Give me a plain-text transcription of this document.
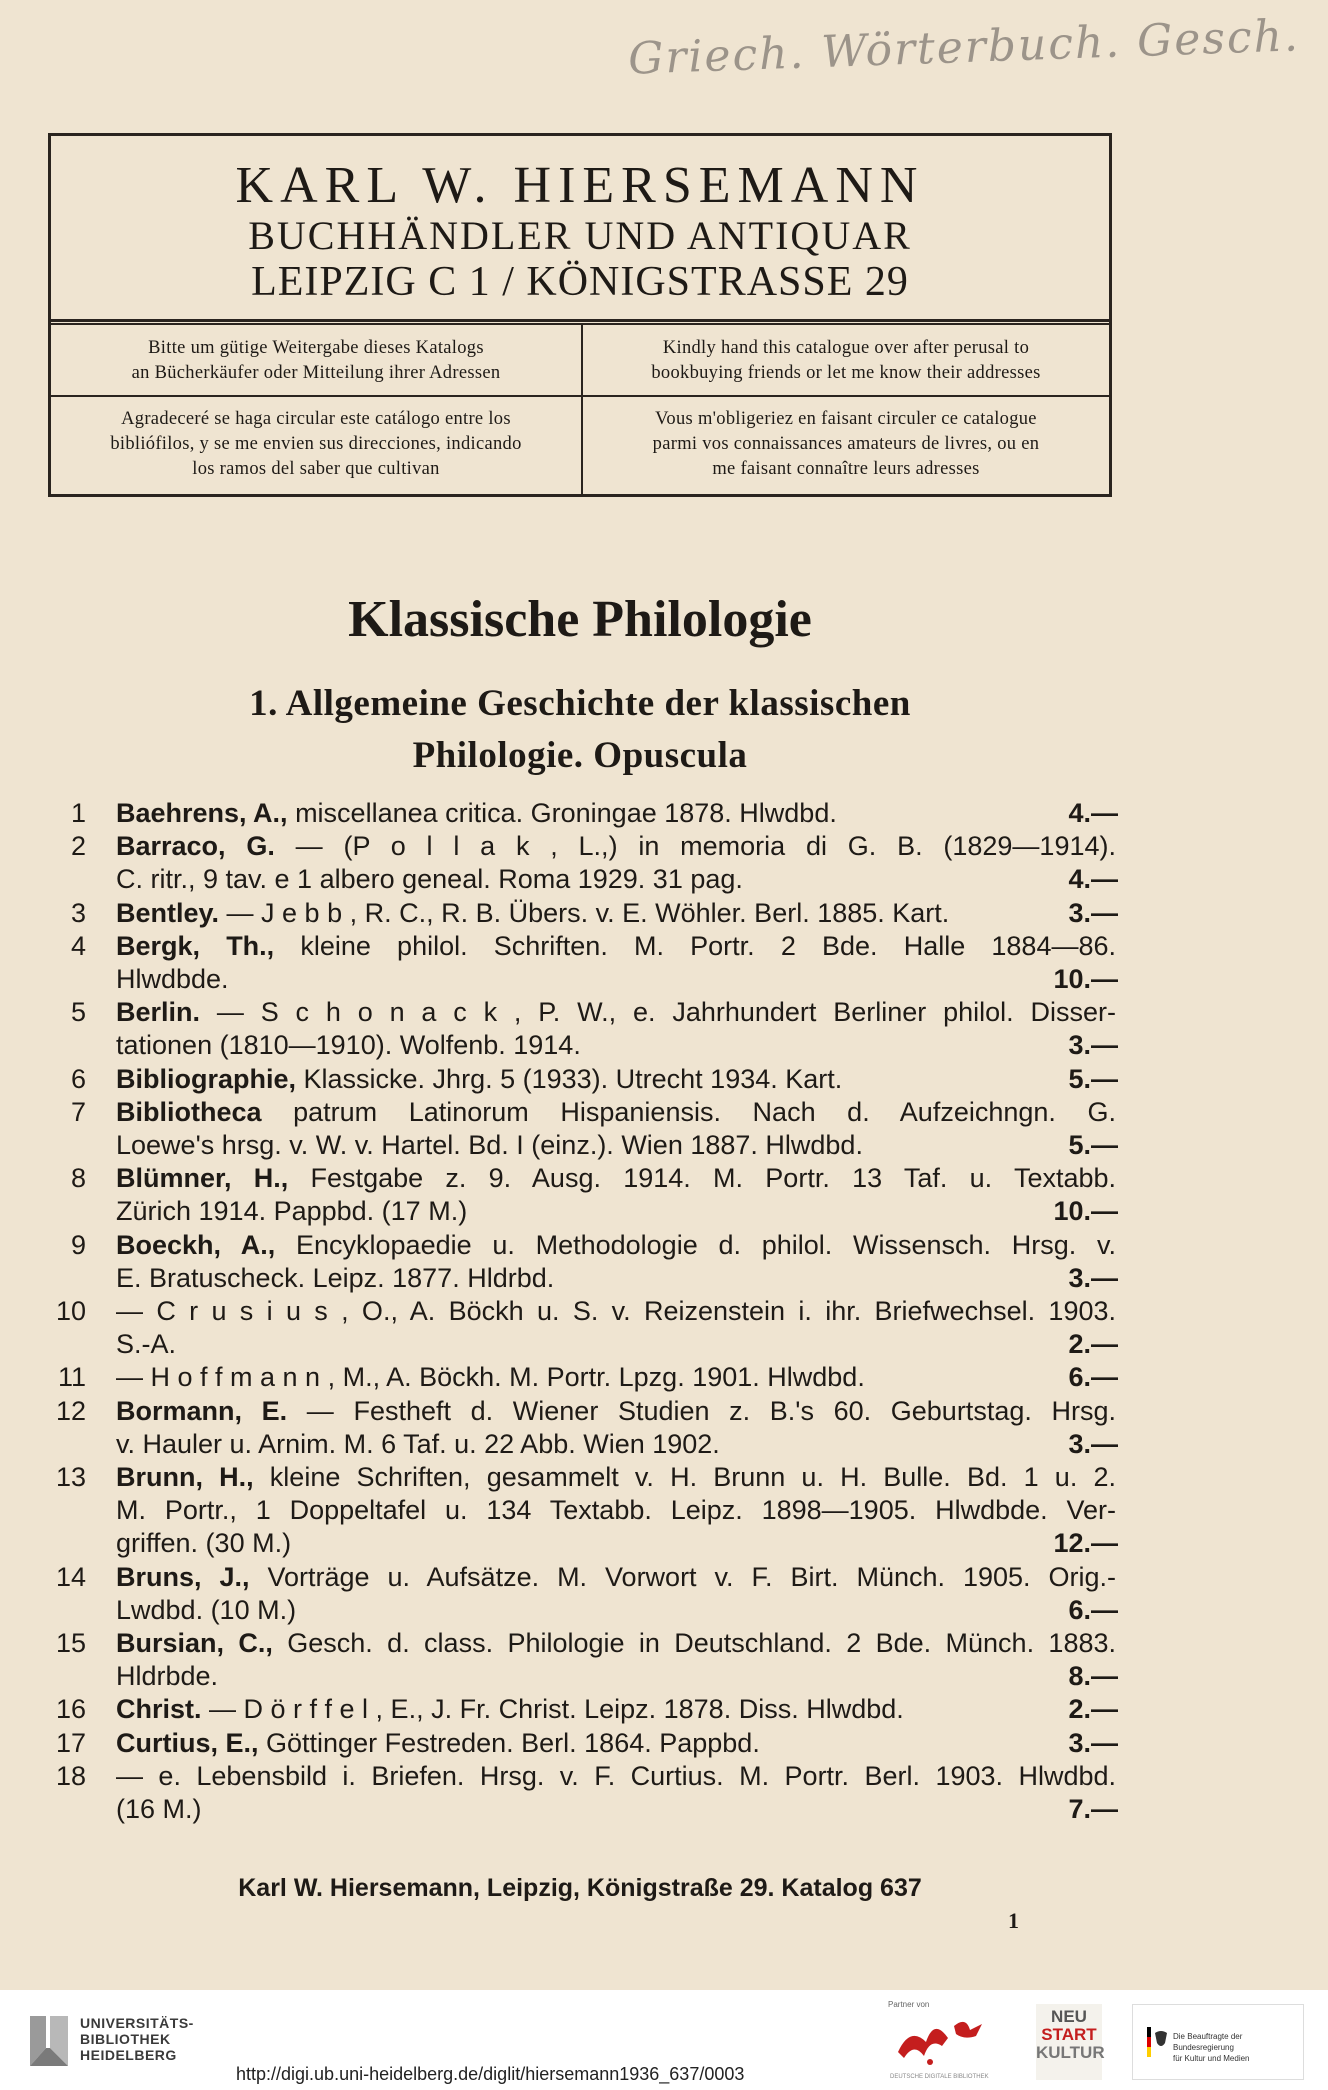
Griech. Wörterbuch. Gesch.
KARL W. HIERSEMANN
BUCHHÄNDLER UND ANTIQUAR
LEIPZIG C 1 / KÖNIGSTRASSE 29
Bitte um gütige Weitergabe dieses Katalogs
an Bücherkäufer oder Mitteilung ihrer Adressen
Kindly hand this catalogue over after perusal to
bookbuying friends or let me know their addresses
Agradeceré se haga circular este catálogo entre los
bibliófilos, y se me envien sus direcciones, indicando
los ramos del saber que cultivan
Vous m'obligeriez en faisant circuler ce catalogue
parmi vos connaissances amateurs de livres, ou en
me faisant connaître leurs adresses
Klassische Philologie
1. Allgemeine Geschichte der klassischen
Philologie. Opuscula
1 Baehrens, A., miscellanea critica. Groningae 1878. Hlwdbd.	4.—
2 Barraco, G. — (P o l l a k , L.,) in memoria di G. B. (1829—1914).
C. ritr., 9 tav. e 1 albero geneal. Roma 1929. 31 pag.	4.—
3 Bentley. — J e b b , R. C., R. B. Übers. v. E. Wöhler. Berl. 1885. Kart.	3.—
4 Bergk, Th., kleine philol. Schriften. M. Portr. 2 Bde. Halle 1884—86.
Hlwdbde.	10.—
5 Berlin. — S c h o n a c k , P. W., e. Jahrhundert Berliner philol. Disser-
tationen (1810—1910). Wolfenb. 1914.	3.—
6 Bibliographie, Klassicke. Jhrg. 5 (1933). Utrecht 1934. Kart.	5.—
7 Bibliotheca patrum Latinorum Hispaniensis. Nach d. Aufzeichngn. G.
Loewe's hrsg. v. W. v. Hartel. Bd. I (einz.). Wien 1887. Hlwdbd.	5.—
8 Blümner, H., Festgabe z. 9. Ausg. 1914. M. Portr. 13 Taf. u. Textabb.
Zürich 1914. Pappbd. (17 M.)	10.—
9 Boeckh, A., Encyklopaedie u. Methodologie d. philol. Wissensch. Hrsg. v.
E. Bratuscheck. Leipz. 1877. Hldrbd.	3.—
10 — C r u s i u s , O., A. Böckh u. S. v. Reizenstein i. ihr. Briefwechsel. 1903.
S.-A.	2.—
11 — H o f f m a n n , M., A. Böckh. M. Portr. Lpzg. 1901. Hlwdbd.	6.—
12 Bormann, E. — Festheft d. Wiener Studien z. B.'s 60. Geburtstag. Hrsg.
v. Hauler u. Arnim. M. 6 Taf. u. 22 Abb. Wien 1902.	3.—
13 Brunn, H., kleine Schriften, gesammelt v. H. Brunn u. H. Bulle. Bd. 1 u. 2.
M. Portr., 1 Doppeltafel u. 134 Textabb. Leipz. 1898—1905. Hlwdbde. Ver-
griffen. (30 M.)	12.—
14 Bruns, J., Vorträge u. Aufsätze. M. Vorwort v. F. Birt. Münch. 1905. Orig.-
Lwdbd. (10 M.)	6.—
15 Bursian, C., Gesch. d. class. Philologie in Deutschland. 2 Bde. Münch. 1883.
Hldrbde.	8.—
16 Christ. — D ö r f f e l , E., J. Fr. Christ. Leipz. 1878. Diss. Hlwdbd.	2.—
17 Curtius, E., Göttinger Festreden. Berl. 1864. Pappbd.	3.—
18 — e. Lebensbild i. Briefen. Hrsg. v. F. Curtius. M. Portr. Berl. 1903. Hlwdbd.
(16 M.)	7.—
Karl W. Hiersemann, Leipzig, Königstraße 29. Katalog 637
1
UNIVERSITÄTS-
BIBLIOTHEK
HEIDELBERG
http://digi.ub.uni-heidelberg.de/diglit/hiersemann1936_637/0003
Partner von
DEUTSCHE DIGITALE BIBLIOTHEK
NEU
START
KULTUR
Die Beauftragte der Bundesregierung
für Kultur und Medien
